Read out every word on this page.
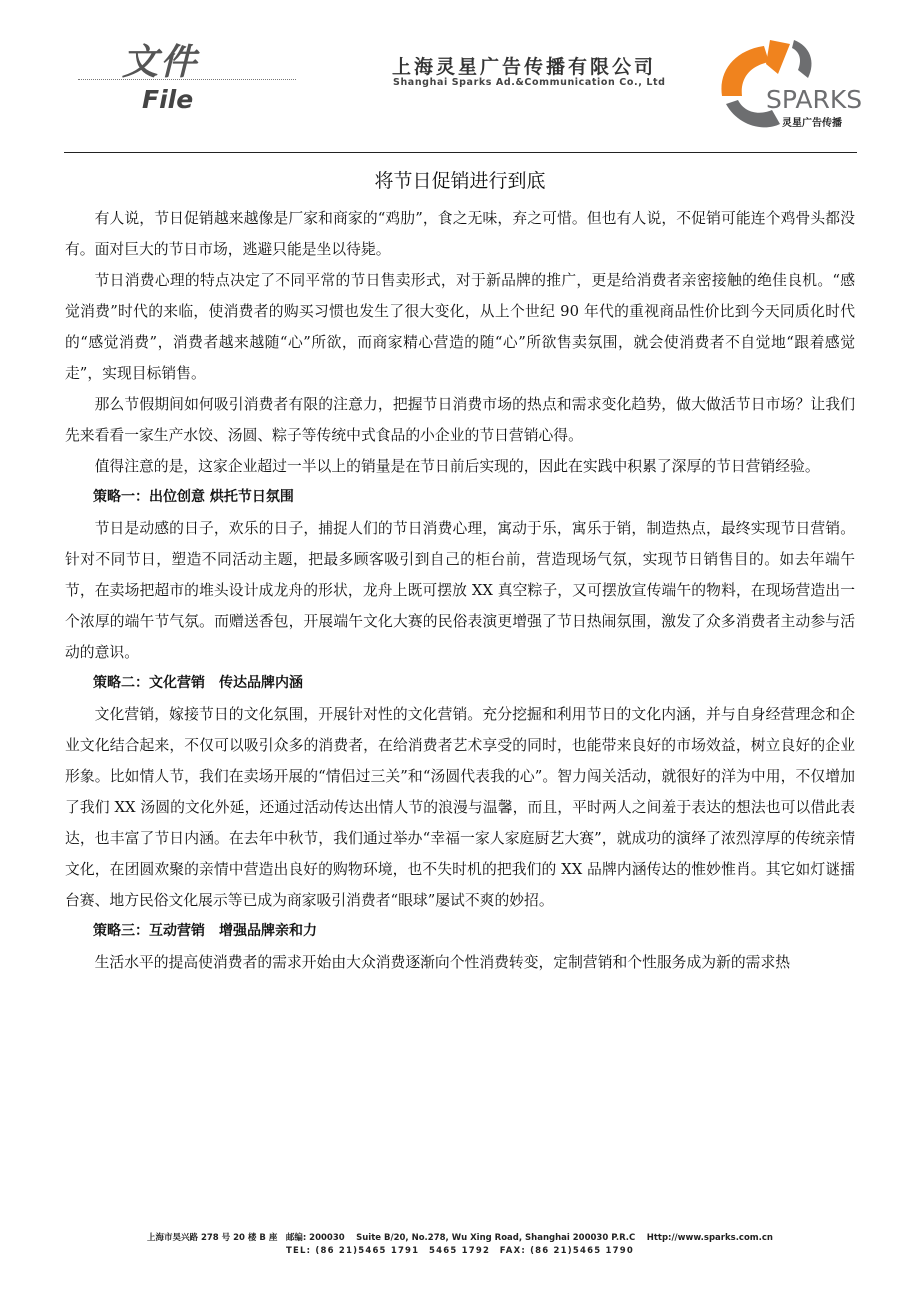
文件
File
上海灵星广告传播有限公司
Shanghai Sparks Ad.&Communication Co., Ltd
SPARKS
灵星广告传播
将节日促销进行到底

有人说，节日促销越来越像是厂家和商家的“鸡肋”，食之无味，弃之可惜。但也有人说，不促销可能连个鸡骨头都没有。面对巨大的节日市场，逃避只能是坐以待毙。

节日消费心理的特点决定了不同平常的节日售卖形式，对于新品牌的推广，更是给消费者亲密接触的绝佳良机。“感觉消费”时代的来临，使消费者的购买习惯也发生了很大变化，从上个世纪 90 年代的重视商品性价比到今天同质化时代的“感觉消费”，消费者越来越随“心”所欲，而商家精心营造的随“心”所欲售卖氛围，就会使消费者不自觉地“跟着感觉走”，实现目标销售。

那么节假期间如何吸引消费者有限的注意力，把握节日消费市场的热点和需求变化趋势，做大做活节日市场？让我们先来看看一家生产水饺、汤圆、粽子等传统中式食品的小企业的节日营销心得。

值得注意的是，这家企业超过一半以上的销量是在节日前后实现的，因此在实践中积累了深厚的节日营销经验。

策略一：出位创意 烘托节日氛围

节日是动感的日子，欢乐的日子，捕捉人们的节日消费心理，寓动于乐，寓乐于销，制造热点，最终实现节日营销。针对不同节日，塑造不同活动主题，把最多顾客吸引到自己的柜台前，营造现场气氛，实现节日销售目的。如去年端午节，在卖场把超市的堆头设计成龙舟的形状，龙舟上既可摆放 XX 真空粽子，又可摆放宣传端午的物料，在现场营造出一个浓厚的端午节气氛。而赠送香包，开展端午文化大赛的民俗表演更增强了节日热闹氛围，激发了众多消费者主动参与活动的意识。

策略二：文化营销　传达品牌内涵

文化营销，嫁接节日的文化氛围，开展针对性的文化营销。充分挖掘和利用节日的文化内涵，并与自身经营理念和企业文化结合起来，不仅可以吸引众多的消费者，在给消费者艺术享受的同时，也能带来良好的市场效益，树立良好的企业形象。比如情人节，我们在卖场开展的“情侣过三关”和“汤圆代表我的心”。智力闯关活动，就很好的洋为中用，不仅增加了我们 XX 汤圆的文化外延，还通过活动传达出情人节的浪漫与温馨，而且，平时两人之间羞于表达的想法也可以借此表达，也丰富了节日内涵。在去年中秋节，我们通过举办“幸福一家人家庭厨艺大赛”，就成功的演绎了浓烈淳厚的传统亲情文化，在团圆欢聚的亲情中营造出良好的购物环境，也不失时机的把我们的 XX 品牌内涵传达的惟妙惟肖。其它如灯谜擂台赛、地方民俗文化展示等已成为商家吸引消费者“眼球”屡试不爽的妙招。

策略三：互动营销　增强品牌亲和力

生活水平的提高使消费者的需求开始由大众消费逐渐向个性消费转变，定制营销和个性服务成为新的需求热

上海市昊兴路 278 号 20 楼 B 座　邮编: 200030　 Suite B/20, No.278, Wu Xing Road, Shanghai 200030 P.R.C　 Http://www.sparks.com.cn
TEL: (86 21)5465 1791　5465 1792　FAX: (86 21)5465 1790
